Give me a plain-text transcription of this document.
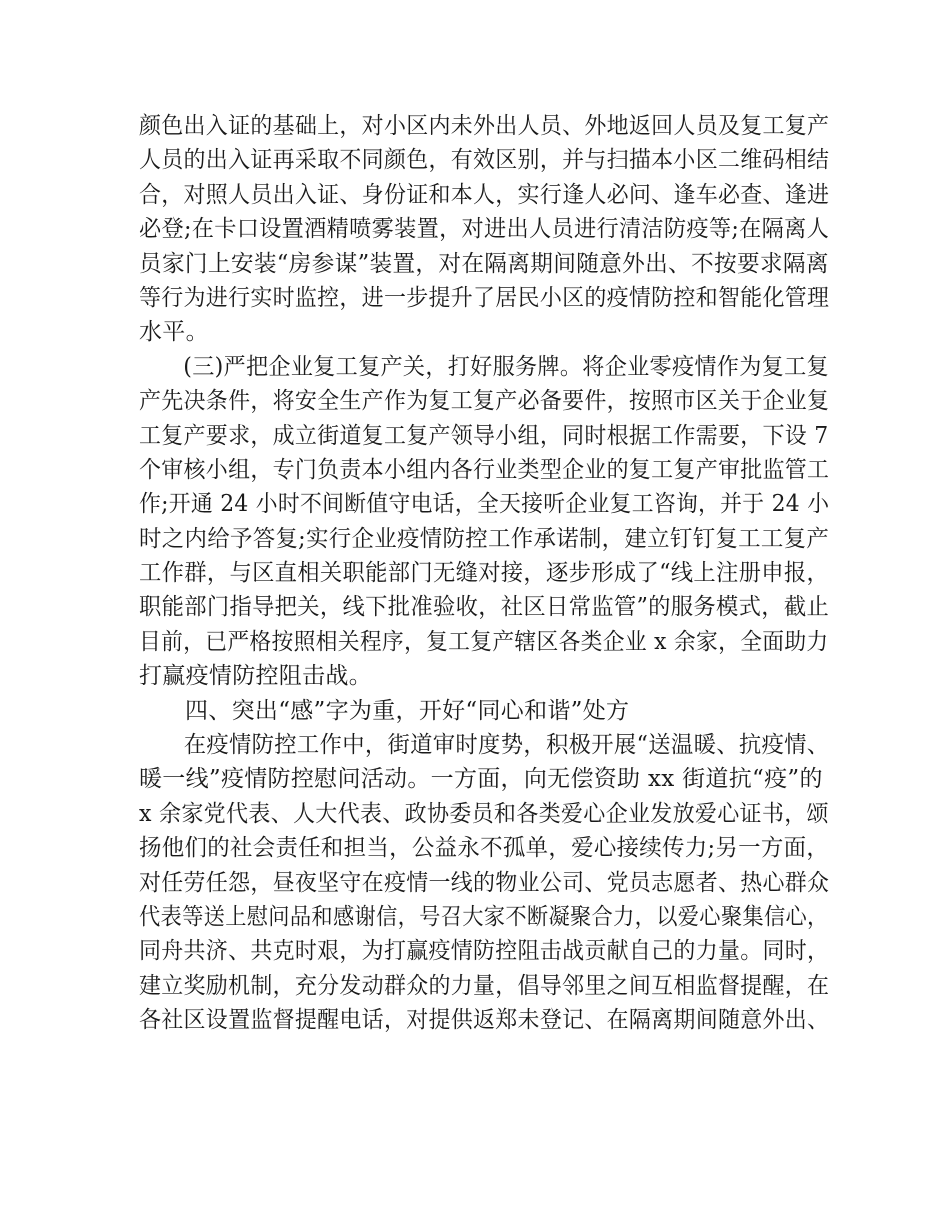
颜色出入证的基础上，对小区内未外出人员、外地返回人员及复工复产
人员的出入证再采取不同颜色，有效区别，并与扫描本小区二维码相结
合，对照人员出入证、身份证和本人，实行逢人必问、逢车必查、逢进
必登;在卡口设置酒精喷雾装置，对进出人员进行清洁防疫等;在隔离人
员家门上安装“房参谋”装置，对在隔离期间随意外出、不按要求隔离
等行为进行实时监控，进一步提升了居民小区的疫情防控和智能化管理
水平。
(三)严把企业复工复产关，打好服务牌。将企业零疫情作为复工复
产先决条件，将安全生产作为复工复产必备要件，按照市区关于企业复
工复产要求，成立街道复工复产领导小组，同时根据工作需要，下设 7
个审核小组，专门负责本小组内各行业类型企业的复工复产审批监管工
作;开通 24 小时不间断值守电话，全天接听企业复工咨询，并于 24 小
时之内给予答复;实行企业疫情防控工作承诺制，建立钉钉复工工复产
工作群，与区直相关职能部门无缝对接，逐步形成了“线上注册申报，
职能部门指导把关，线下批准验收，社区日常监管”的服务模式，截止
目前，已严格按照相关程序，复工复产辖区各类企业 x 余家，全面助力
打赢疫情防控阻击战。
四、突出“感”字为重，开好“同心和谐”处方
在疫情防控工作中，街道审时度势，积极开展“送温暖、抗疫情、
暖一线”疫情防控慰问活动。一方面，向无偿资助 xx 街道抗“疫”的
x 余家党代表、人大代表、政协委员和各类爱心企业发放爱心证书，颂
扬他们的社会责任和担当，公益永不孤单，爱心接续传力;另一方面，
对任劳任怨，昼夜坚守在疫情一线的物业公司、党员志愿者、热心群众
代表等送上慰问品和感谢信，号召大家不断凝聚合力，以爱心聚集信心，
同舟共济、共克时艰，为打赢疫情防控阻击战贡献自己的力量。同时，
建立奖励机制，充分发动群众的力量，倡导邻里之间互相监督提醒，在
各社区设置监督提醒电话，对提供返郑未登记、在隔离期间随意外出、
